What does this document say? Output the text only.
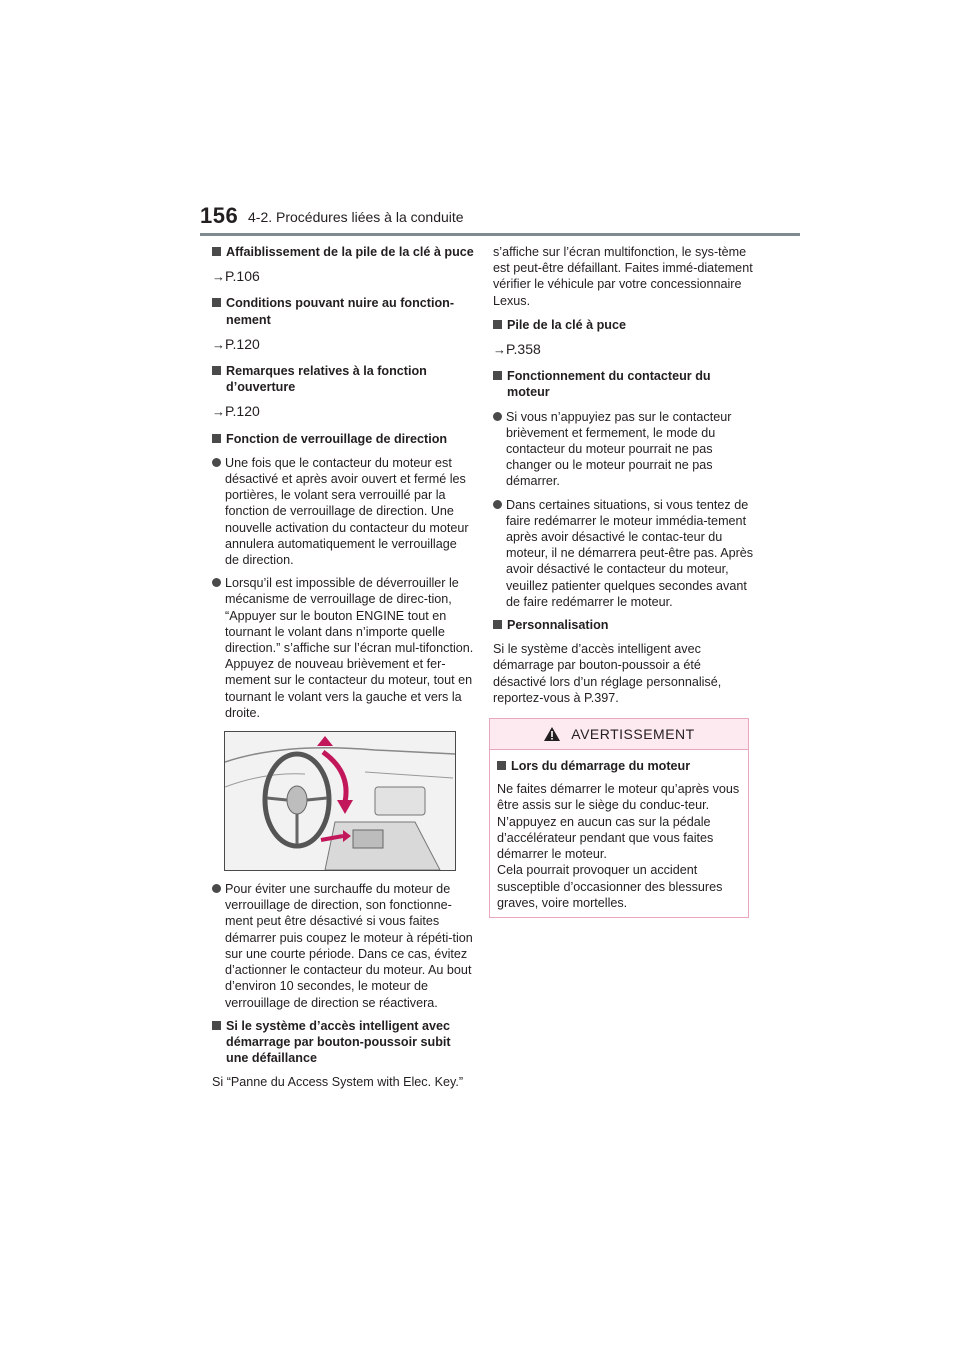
156 4-2. Procédures liées à la conduite
Affaiblissement de la pile de la clé à puce
→P.106
Conditions pouvant nuire au fonction-nement
→P.120
Remarques relatives à la fonction d’ouverture
→P.120
Fonction de verrouillage de direction
Une fois que le contacteur du moteur est désactivé et après avoir ouvert et fermé les portières, le volant sera verrouillé par la fonction de verrouillage de direction. Une nouvelle activation du contacteur du moteur annulera automatiquement le verrouillage de direction.
Lorsqu’il est impossible de déverrouiller le mécanisme de verrouillage de direc-tion, “Appuyer sur le bouton ENGINE tout en tournant le volant dans n’importe quelle direction.” s’affiche sur l’écran mul-tifonction.
Appuyez de nouveau brièvement et fer-mement sur le contacteur du moteur, tout en tournant le volant vers la gauche et vers la droite.
Pour éviter une surchauffe du moteur de verrouillage de direction, son fonctionne-ment peut être désactivé si vous faites démarrer puis coupez le moteur à répéti-tion sur une courte période. Dans ce cas, évitez d’actionner le contacteur du moteur. Au bout d’environ 10 secondes, le moteur de verrouillage de direction se réactivera.
Si le système d’accès intelligent avec démarrage par bouton-poussoir subit une défaillance
Si “Panne du Access System with Elec. Key.”
s’affiche sur l’écran multifonction, le sys-tème est peut-être défaillant. Faites immé-diatement vérifier le véhicule par votre concessionnaire Lexus.
Pile de la clé à puce
→P.358
Fonctionnement du contacteur du moteur
Si vous n’appuyiez pas sur le contacteur brièvement et fermement, le mode du contacteur du moteur pourrait ne pas changer ou le moteur pourrait ne pas démarrer.
Dans certaines situations, si vous tentez de faire redémarrer le moteur immédia-tement après avoir désactivé le contac-teur du moteur, il ne démarrera peut-être pas. Après avoir désactivé le contacteur du moteur, veuillez patienter quelques secondes avant de faire redémarrer le moteur.
Personnalisation
Si le système d’accès intelligent avec démarrage par bouton-poussoir a été désactivé lors d’un réglage personnalisé, reportez-vous à P.397.
AVERTISSEMENT
Lors du démarrage du moteur
Ne faites démarrer le moteur qu’après vous être assis sur le siège du conduc-teur. N’appuyez en aucun cas sur la pédale d’accélérateur pendant que vous faites démarrer le moteur.
Cela pourrait provoquer un accident susceptible d’occasionner des blessures graves, voire mortelles.
